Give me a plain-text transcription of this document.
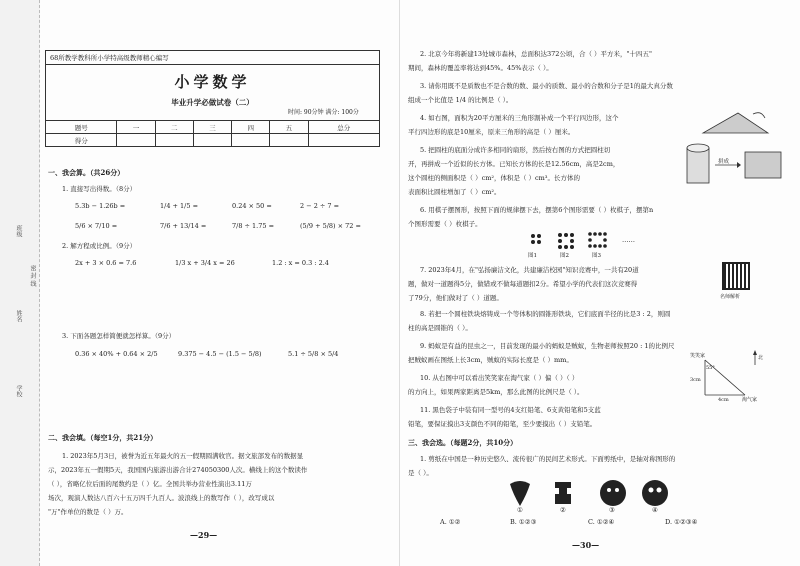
班级
姓名
学校
密 封 线
68所教学教科所小学特高级教师精心编写
小学数学
毕业升学必做试卷（二）
时间: 90分钟 满分: 100分
题号	一	二	三	四	五	总分
得分						
一、我会算。（共26分）
1. 直接写出得数。（8分）
5.3b − 1.26b =	1/4 + 1/5 =	0.24 × 50 =	2 − 2 ÷ 7 =
5/6 × 7/10 =	7/6 + 13/14 =	7/8 ÷ 1.75 =	(5/9 + 5/8) × 72 =
2. 解方程或比例。（9分）
2x + 3 × 0.6 = 7.6	1/3 x + 3/4 x = 26	1.2 : x = 0.3 : 2.4
3. 下面各题怎样简便就怎样算。（9分）
0.36 × 40% + 0.64 × 2/5	9.375 − 4.5 − (1.5 − 5/8)	5.1 ÷ 5/8 × 5/4
二、我会填。（每空1分，共21分）
1. 2023年5月3日，被誉为近五年最火的五一假期圆满收官。据文旅部发布的数据显
示，2023年五一假期5天，我国国内旅游出游合计274050300人次。横线上的这个数读作
（ ），省略亿位后面的尾数约是（ ）亿。全国共举办营业性演出3.11万
场次，观演人数达八百六十五万四千九百人。波浪线上的数写作（ ），改写成以
"万"作单位的数是（ ）万。
—29—
2. 北京今年将新建13处城市森林，总面积达372公顷，合（ ）平方米，"十四五"
期间，森林的覆盖率将达到45%。45%表示（ ）。
3. 请你用既不是质数也不是合数的数、最小的质数、最小的合数和分子是1的最大真分数
组成一个比值是 1/4 的比例是（ ）。
4. 如右图，面积为20平方厘米的三角形割补成一个平行四边形，这个
平行四边形的底是10厘米，原来三角形的高是（ ）厘米。
5. 把圆柱的底面分成许多相同的扇形，然后按右图的方式把圆柱切
开，再拼成一个近似的长方体。已知长方体的长是12.56cm，高是2cm，
这个圆柱的侧面积是（ ）cm²，体积是（ ）cm³。长方体的
表面积比圆柱增加了（ ）cm²。
拼成
6. 用棋子摆图形，按照下面的规律摆下去，摆第6个图形需要（ ）枚棋子，摆第n
个图形需要（ ）枚棋子。
图1	图2	图3
……
7. 2023年4月，在"弘扬廉洁文化，共建廉洁校园"知识竞赛中，一共有20道
题，做对一道题得5分，做错或不做每道题扣2分。希望小学的代表们这次竞赛得
了79分，他们做对了（ ）道题。	名师解析
8. 若把一个圆柱铁块熔铸成一个等体积的圆锥形铁块，它们底面半径的比是3 : 2，则圆
柱的高是圆锥的（ ）。
9. 蚂蚁是有益的昆虫之一，目前发现的最小的蚂蚁是贼蚁，生物老师按照20 : 1的比例尺
把贼蚁画在图纸上长3cm，贼蚁的实际长度是（ ）mm。
10. 从右图中可以看出笑笑家在淘气家（ ）偏（ ）（ ）
的方向上，如果两家距离是5km，那么此图的比例尺是（ ）。
11. 黑色袋子中装有同一型号的4支红铅笔、6支黄铅笔和5支蓝
铅笔，要保证摸出3支颜色不同的铅笔，至少要摸出（ ）支铅笔。
笑笑家
淘气家
北
55°
3cm
4cm
三、我会选。（每题2分，共10分）
1. 剪纸在中国是一种历史悠久、流传很广的民间艺术形式。下面剪纸中，是轴对称图形的
是（ ）。
①	②	③	④
A. ①②	B. ①②③	C. ①②④	D. ①②③④
—30—
